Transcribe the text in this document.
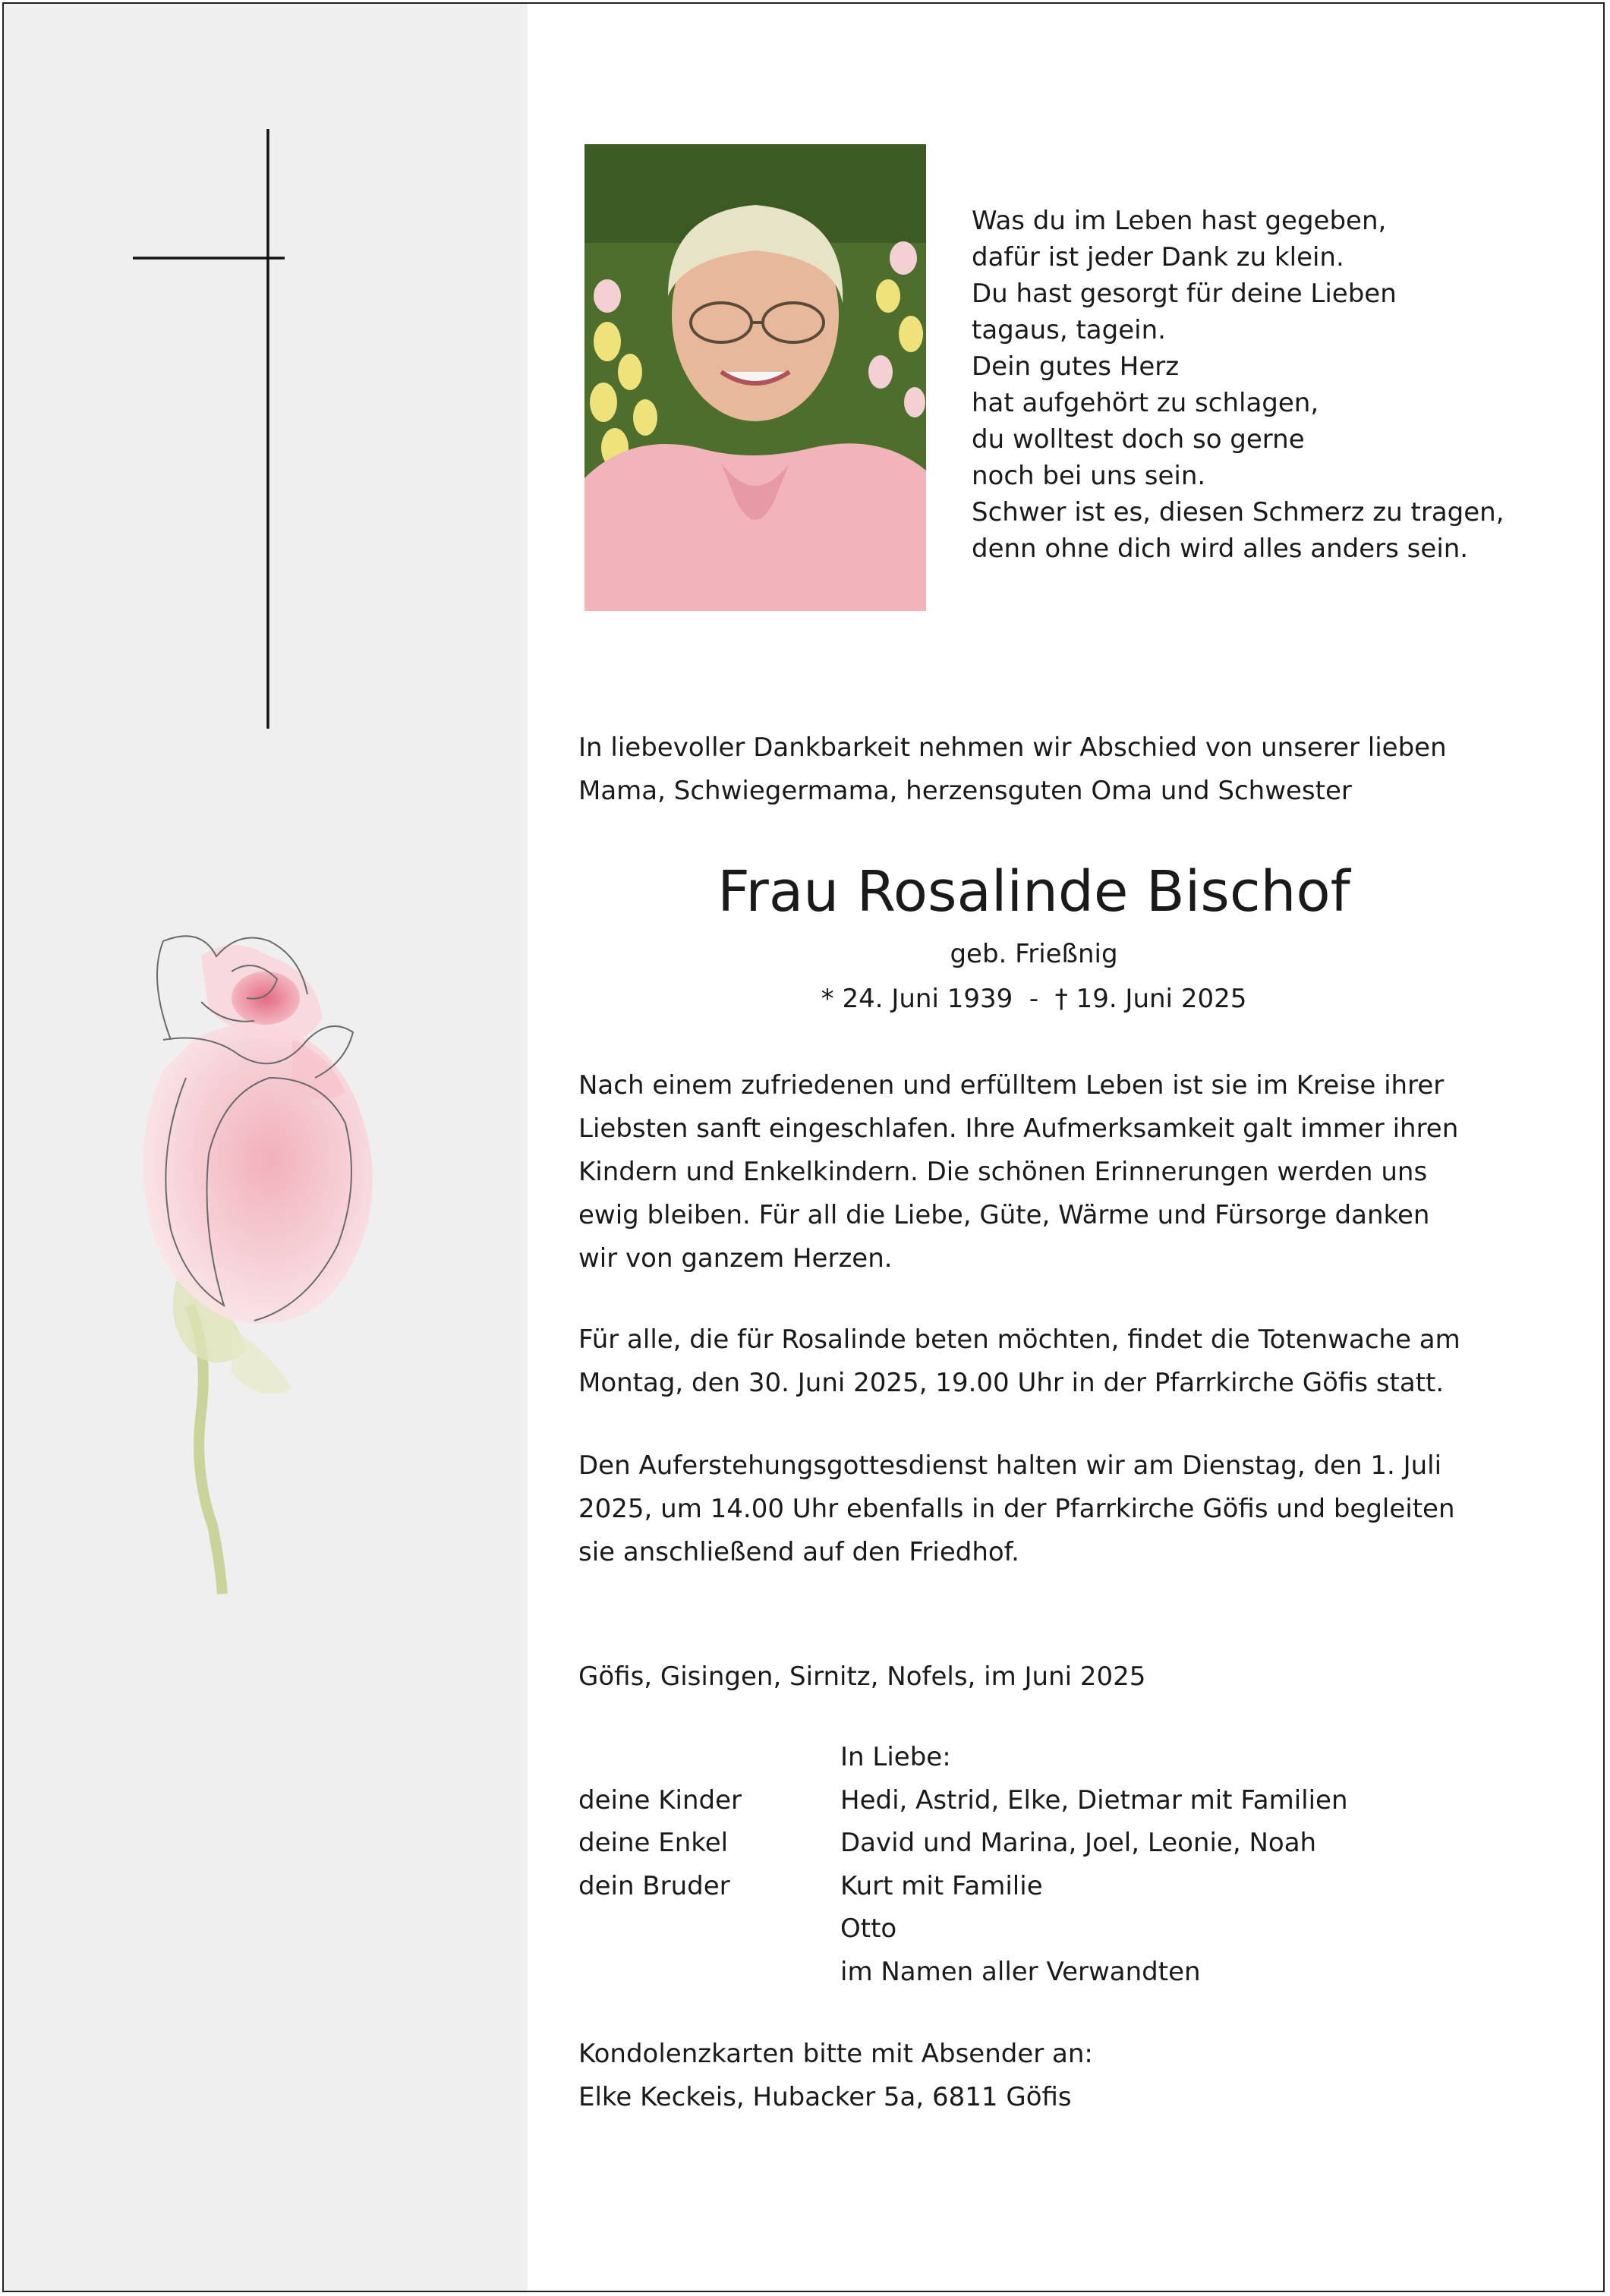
Was du im Leben hast gegeben,
dafür ist jeder Dank zu klein.
Du hast gesorgt für deine Lieben
tagaus, tagein.
Dein gutes Herz
hat aufgehört zu schlagen,
du wolltest doch so gerne
noch bei uns sein.
Schwer ist es, diesen Schmerz zu tragen,
denn ohne dich wird alles anders sein.
In liebevoller Dankbarkeit nehmen wir Abschied von unserer lieben
Mama, Schwiegermama, herzensguten Oma und Schwester
Frau Rosalinde Bischof
geb. Frießnig
* 24. Juni 1939  -  † 19. Juni 2025
Nach einem zufriedenen und erfülltem Leben ist sie im Kreise ihrer
Liebsten sanft eingeschlafen. Ihre Aufmerksamkeit galt immer ihren
Kindern und Enkelkindern. Die schönen Erinnerungen werden uns
ewig bleiben. Für all die Liebe, Güte, Wärme und Fürsorge danken
wir von ganzem Herzen.
Für alle, die für Rosalinde beten möchten, findet die Totenwache am
Montag, den 30. Juni 2025, 19.00 Uhr in der Pfarrkirche Göfis statt.
Den Auferstehungsgottesdienst halten wir am Dienstag, den 1. Juli
2025, um 14.00 Uhr ebenfalls in der Pfarrkirche Göfis und begleiten
sie anschließend auf den Friedhof.
Göfis, Gisingen, Sirnitz, Nofels, im Juni 2025
In Liebe:
deine Kinder	Hedi, Astrid, Elke, Dietmar mit Familien
deine Enkel	David und Marina, Joel, Leonie, Noah
dein Bruder	Kurt mit Familie
Otto
im Namen aller Verwandten
Kondolenzkarten bitte mit Absender an:
Elke Keckeis, Hubacker 5a, 6811 Göfis
